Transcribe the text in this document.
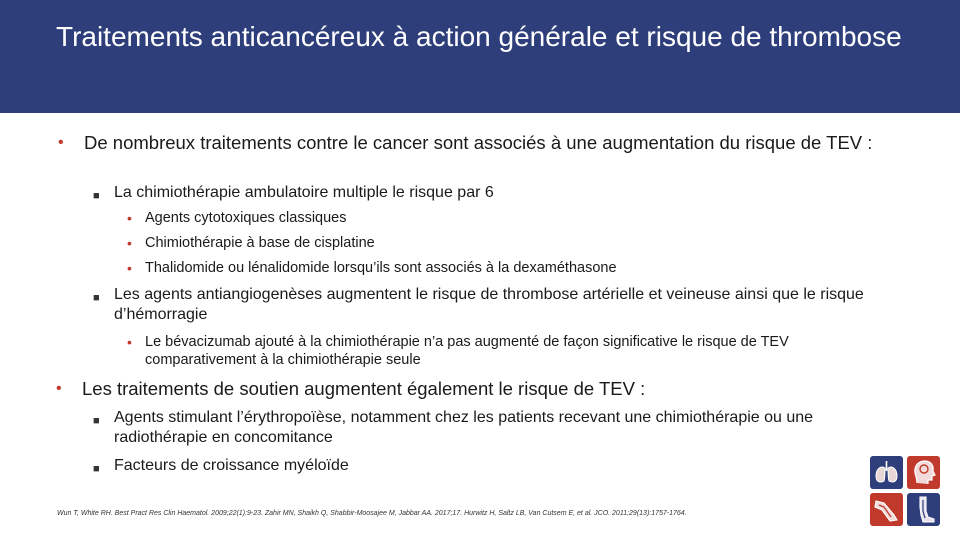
Traitements anticancéreux à action générale et risque de thrombose
• De nombreux traitements contre le cancer sont associés à une augmentation du risque de TEV :
■ La chimiothérapie ambulatoire multiple le risque par 6
• Agents cytotoxiques classiques
• Chimiothérapie à base de cisplatine
• Thalidomide ou lénalidomide lorsqu’ils sont associés à la dexaméthasone
■ Les agents antiangiogenèses augmentent le risque de thrombose artérielle et veineuse ainsi que le risque d’hémorragie
• Le bévacizumab ajouté à la chimiothérapie n’a pas augmenté de façon significative le risque de TEV comparativement à la chimiothérapie seule
• Les traitements de soutien augmentent également le risque de TEV :
■ Agents stimulant l’érythropoïèse, notamment chez les patients recevant une chimiothérapie ou une radiothérapie en concomitance
■ Facteurs de croissance myéloïde
Wun T, White RH. Best Pract Res Clin Haematol. 2009;22(1):9-23. Zahir MN, Shaikh Q, Shabbir-Moosajee M, Jabbar AA. 2017;17. Hurwitz H, Saltz LB, Van Cutsem E, et al. JCO. 2011;29(13):1757-1764.
